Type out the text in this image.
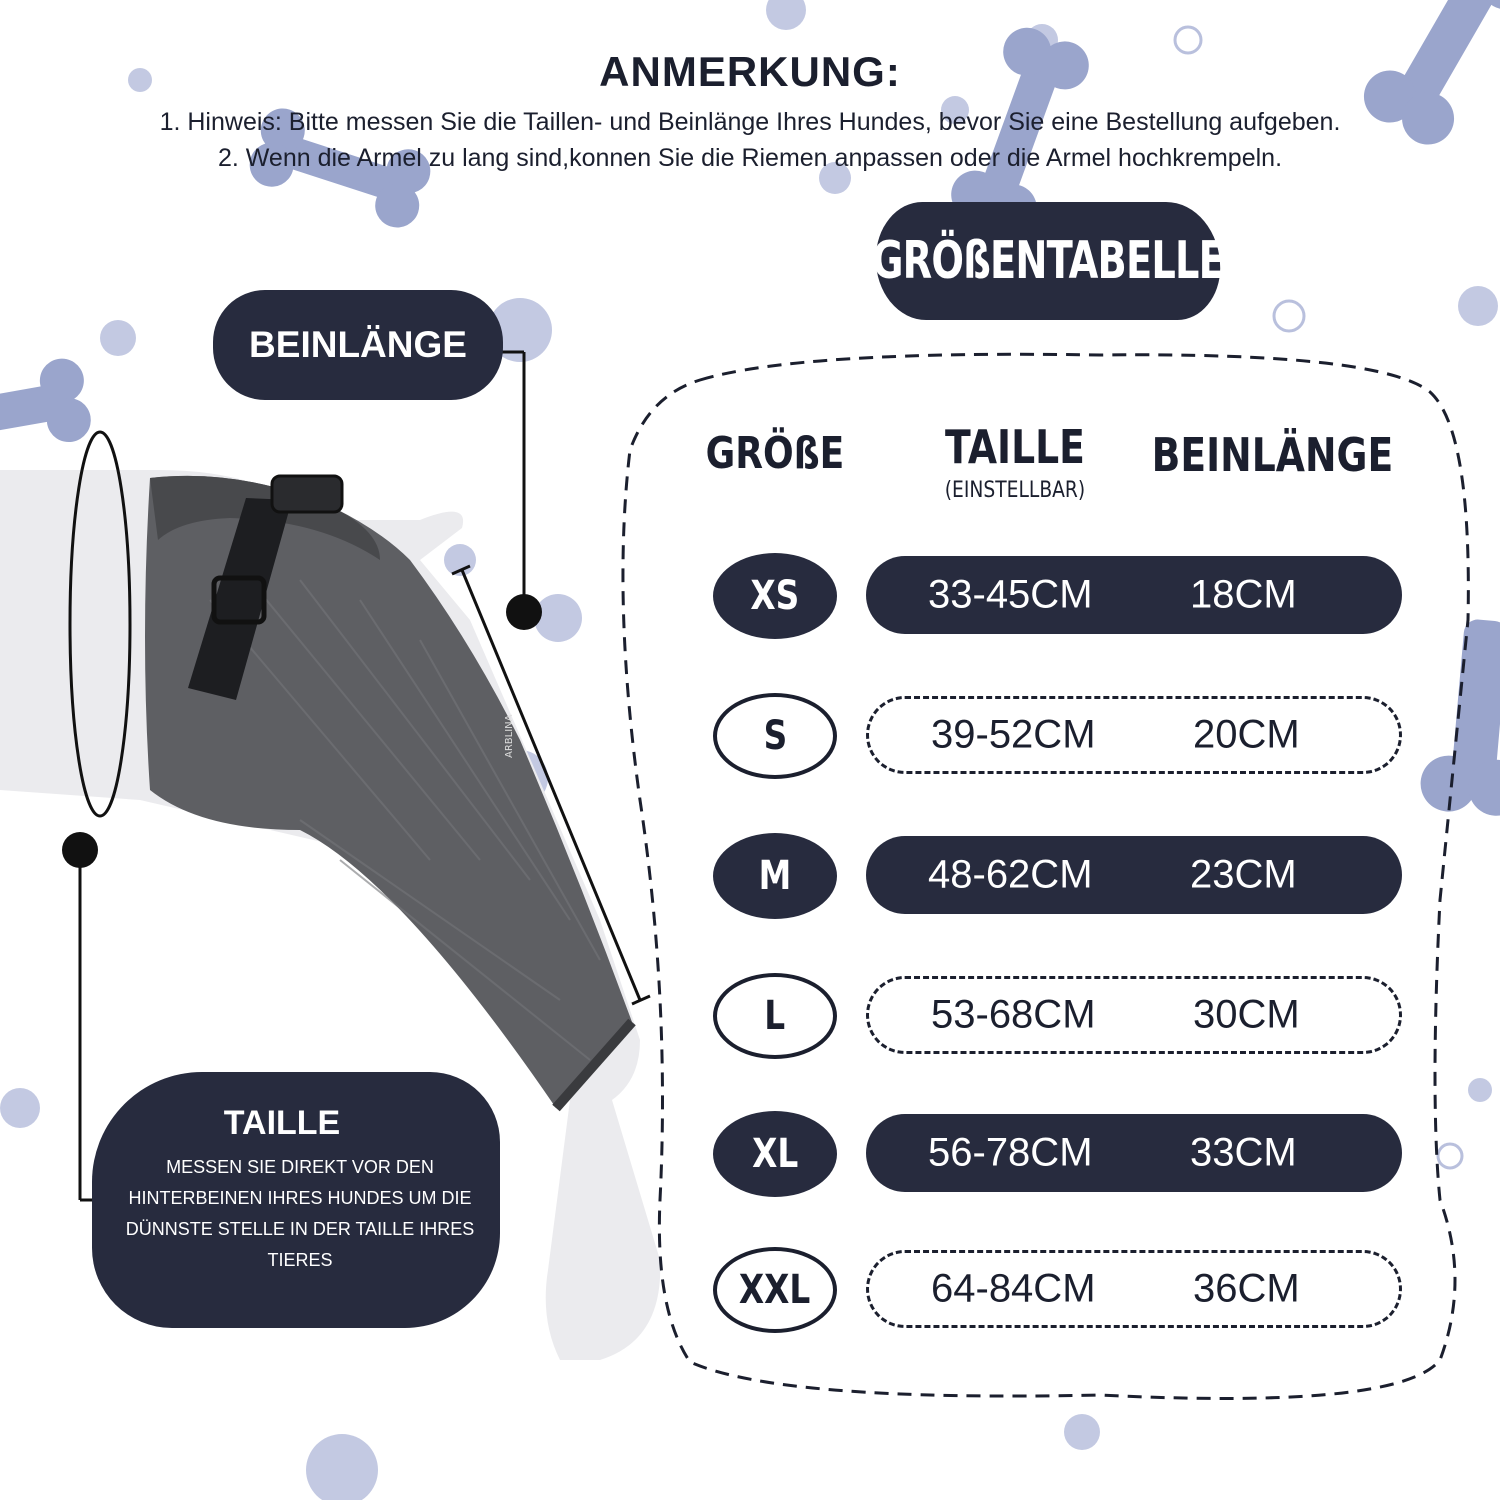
ARBLINA
ANMERKUNG:
1. Hinweis: Bitte messen Sie die Taillen- und Beinlänge Ihres Hundes, bevor Sie eine Bestellung aufgeben.
2. Wenn die Armel zu lang sind,konnen Sie die Riemen anpassen oder die Armel hochkrempeln.
GRÖßENTABELLE
BEINLÄNGE
TAILLE
MESSEN SIE DIREKT VOR DEN HINTERBEINEN IHRES HUNDES UM DIE DÜNNSTE STELLE IN DER TAILLE IHRES TIERES
GRÖßE	TAILLE
(EINSTELLBAR)
BEINLÄNGE
XS	33-45CM 18CM
S	39-52CM 20CM
M	48-62CM 23CM
L	53-68CM 30CM
XL	56-78CM 33CM
XXL	64-84CM 36CM
